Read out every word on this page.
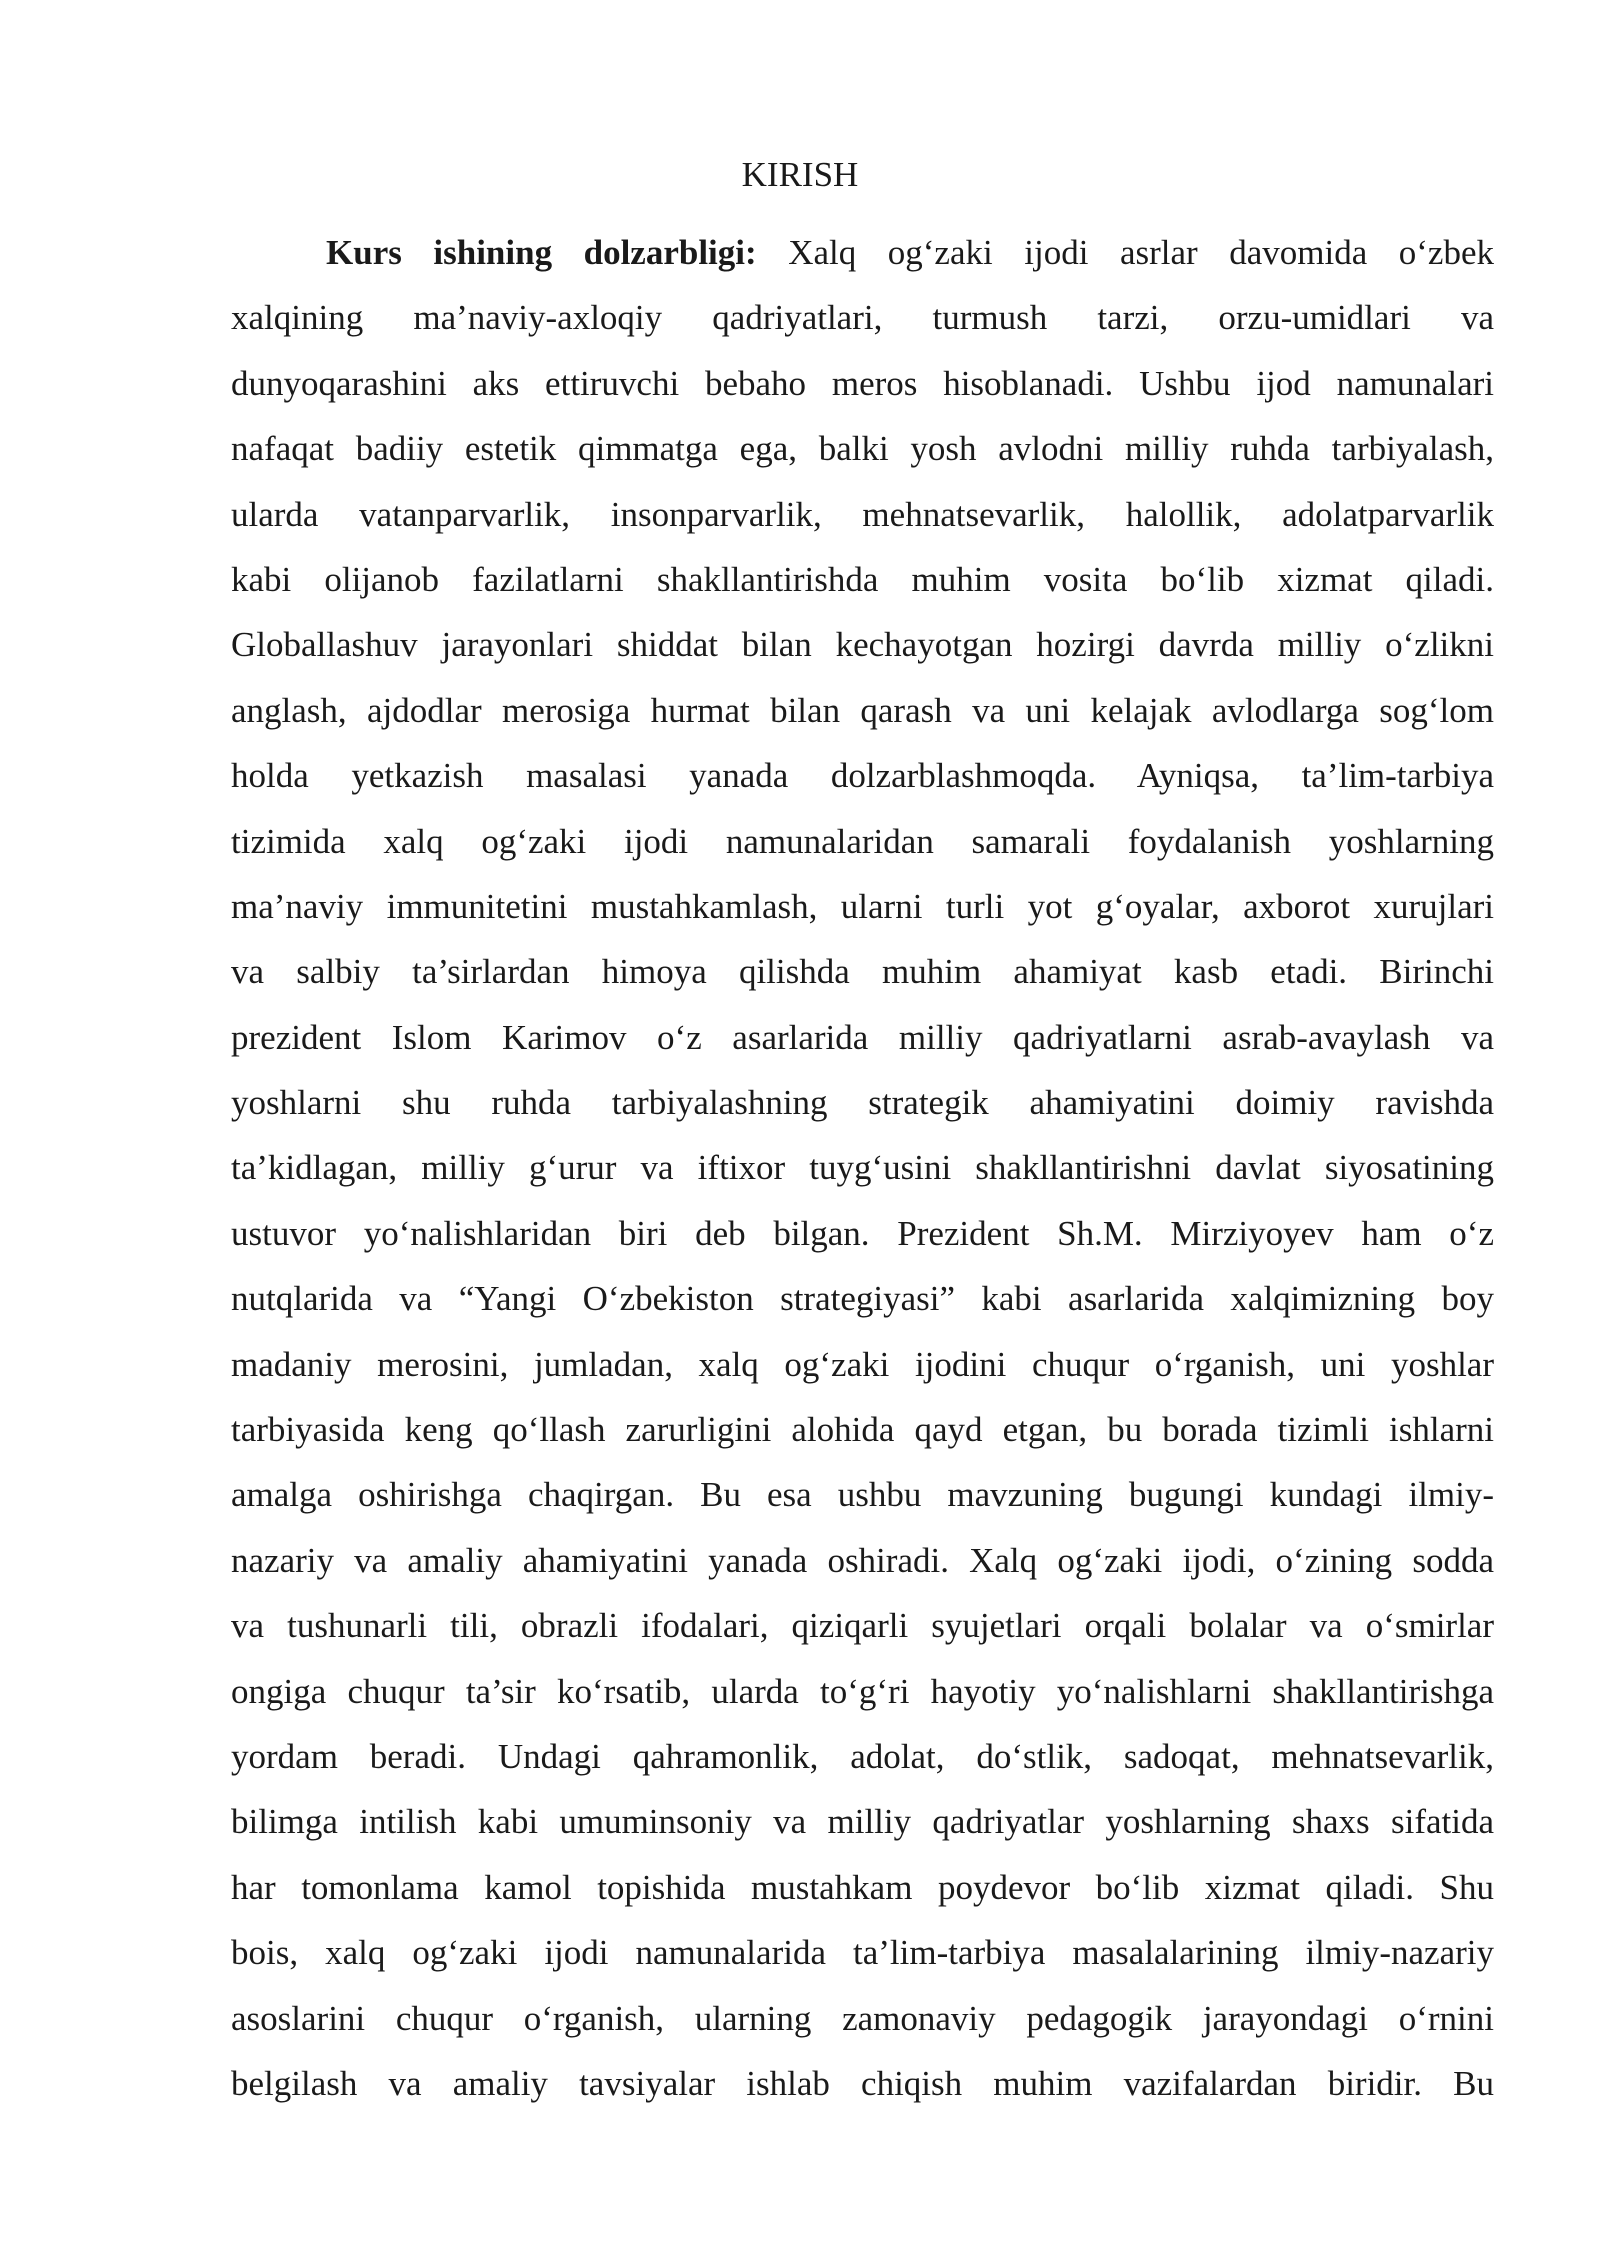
KIRISH
Kurs ishining dolzarbligi: Xalq og‘zaki ijodi asrlar davomida o‘zbek
xalqining ma’naviy-axloqiy qadriyatlari, turmush tarzi, orzu-umidlari va
dunyoqarashini aks ettiruvchi bebaho meros hisoblanadi. Ushbu ijod namunalari
nafaqat badiiy estetik qimmatga ega, balki yosh avlodni milliy ruhda tarbiyalash,
ularda vatanparvarlik, insonparvarlik, mehnatsevarlik, halollik, adolatparvarlik
kabi olijanob fazilatlarni shakllantirishda muhim vosita bo‘lib xizmat qiladi.
Globallashuv jarayonlari shiddat bilan kechayotgan hozirgi davrda milliy o‘zlikni
anglash, ajdodlar merosiga hurmat bilan qarash va uni kelajak avlodlarga sog‘lom
holda yetkazish masalasi yanada dolzarblashmoqda. Ayniqsa, ta’lim-tarbiya
tizimida xalq og‘zaki ijodi namunalaridan samarali foydalanish yoshlarning
ma’naviy immunitetini mustahkamlash, ularni turli yot g‘oyalar, axborot xurujlari
va salbiy ta’sirlardan himoya qilishda muhim ahamiyat kasb etadi. Birinchi
prezident Islom Karimov o‘z asarlarida milliy qadriyatlarni asrab-avaylash va
yoshlarni shu ruhda tarbiyalashning strategik ahamiyatini doimiy ravishda
ta’kidlagan, milliy g‘urur va iftixor tuyg‘usini shakllantirishni davlat siyosatining
ustuvor yo‘nalishlaridan biri deb bilgan. Prezident Sh.M. Mirziyoyev ham o‘z
nutqlarida va “Yangi O‘zbekiston strategiyasi” kabi asarlarida xalqimizning boy
madaniy merosini, jumladan, xalq og‘zaki ijodini chuqur o‘rganish, uni yoshlar
tarbiyasida keng qo‘llash zarurligini alohida qayd etgan, bu borada tizimli ishlarni
amalga oshirishga chaqirgan. Bu esa ushbu mavzuning bugungi kundagi ilmiy-
nazariy va amaliy ahamiyatini yanada oshiradi. Xalq og‘zaki ijodi, o‘zining sodda
va tushunarli tili, obrazli ifodalari, qiziqarli syujetlari orqali bolalar va o‘smirlar
ongiga chuqur ta’sir ko‘rsatib, ularda to‘g‘ri hayotiy yo‘nalishlarni shakllantirishga
yordam beradi. Undagi qahramonlik, adolat, do‘stlik, sadoqat, mehnatsevarlik,
bilimga intilish kabi umuminsoniy va milliy qadriyatlar yoshlarning shaxs sifatida
har tomonlama kamol topishida mustahkam poydevor bo‘lib xizmat qiladi. Shu
bois, xalq og‘zaki ijodi namunalarida ta’lim-tarbiya masalalarining ilmiy-nazariy
asoslarini chuqur o‘rganish, ularning zamonaviy pedagogik jarayondagi o‘rnini
belgilash va amaliy tavsiyalar ishlab chiqish muhim vazifalardan biridir. Bu
